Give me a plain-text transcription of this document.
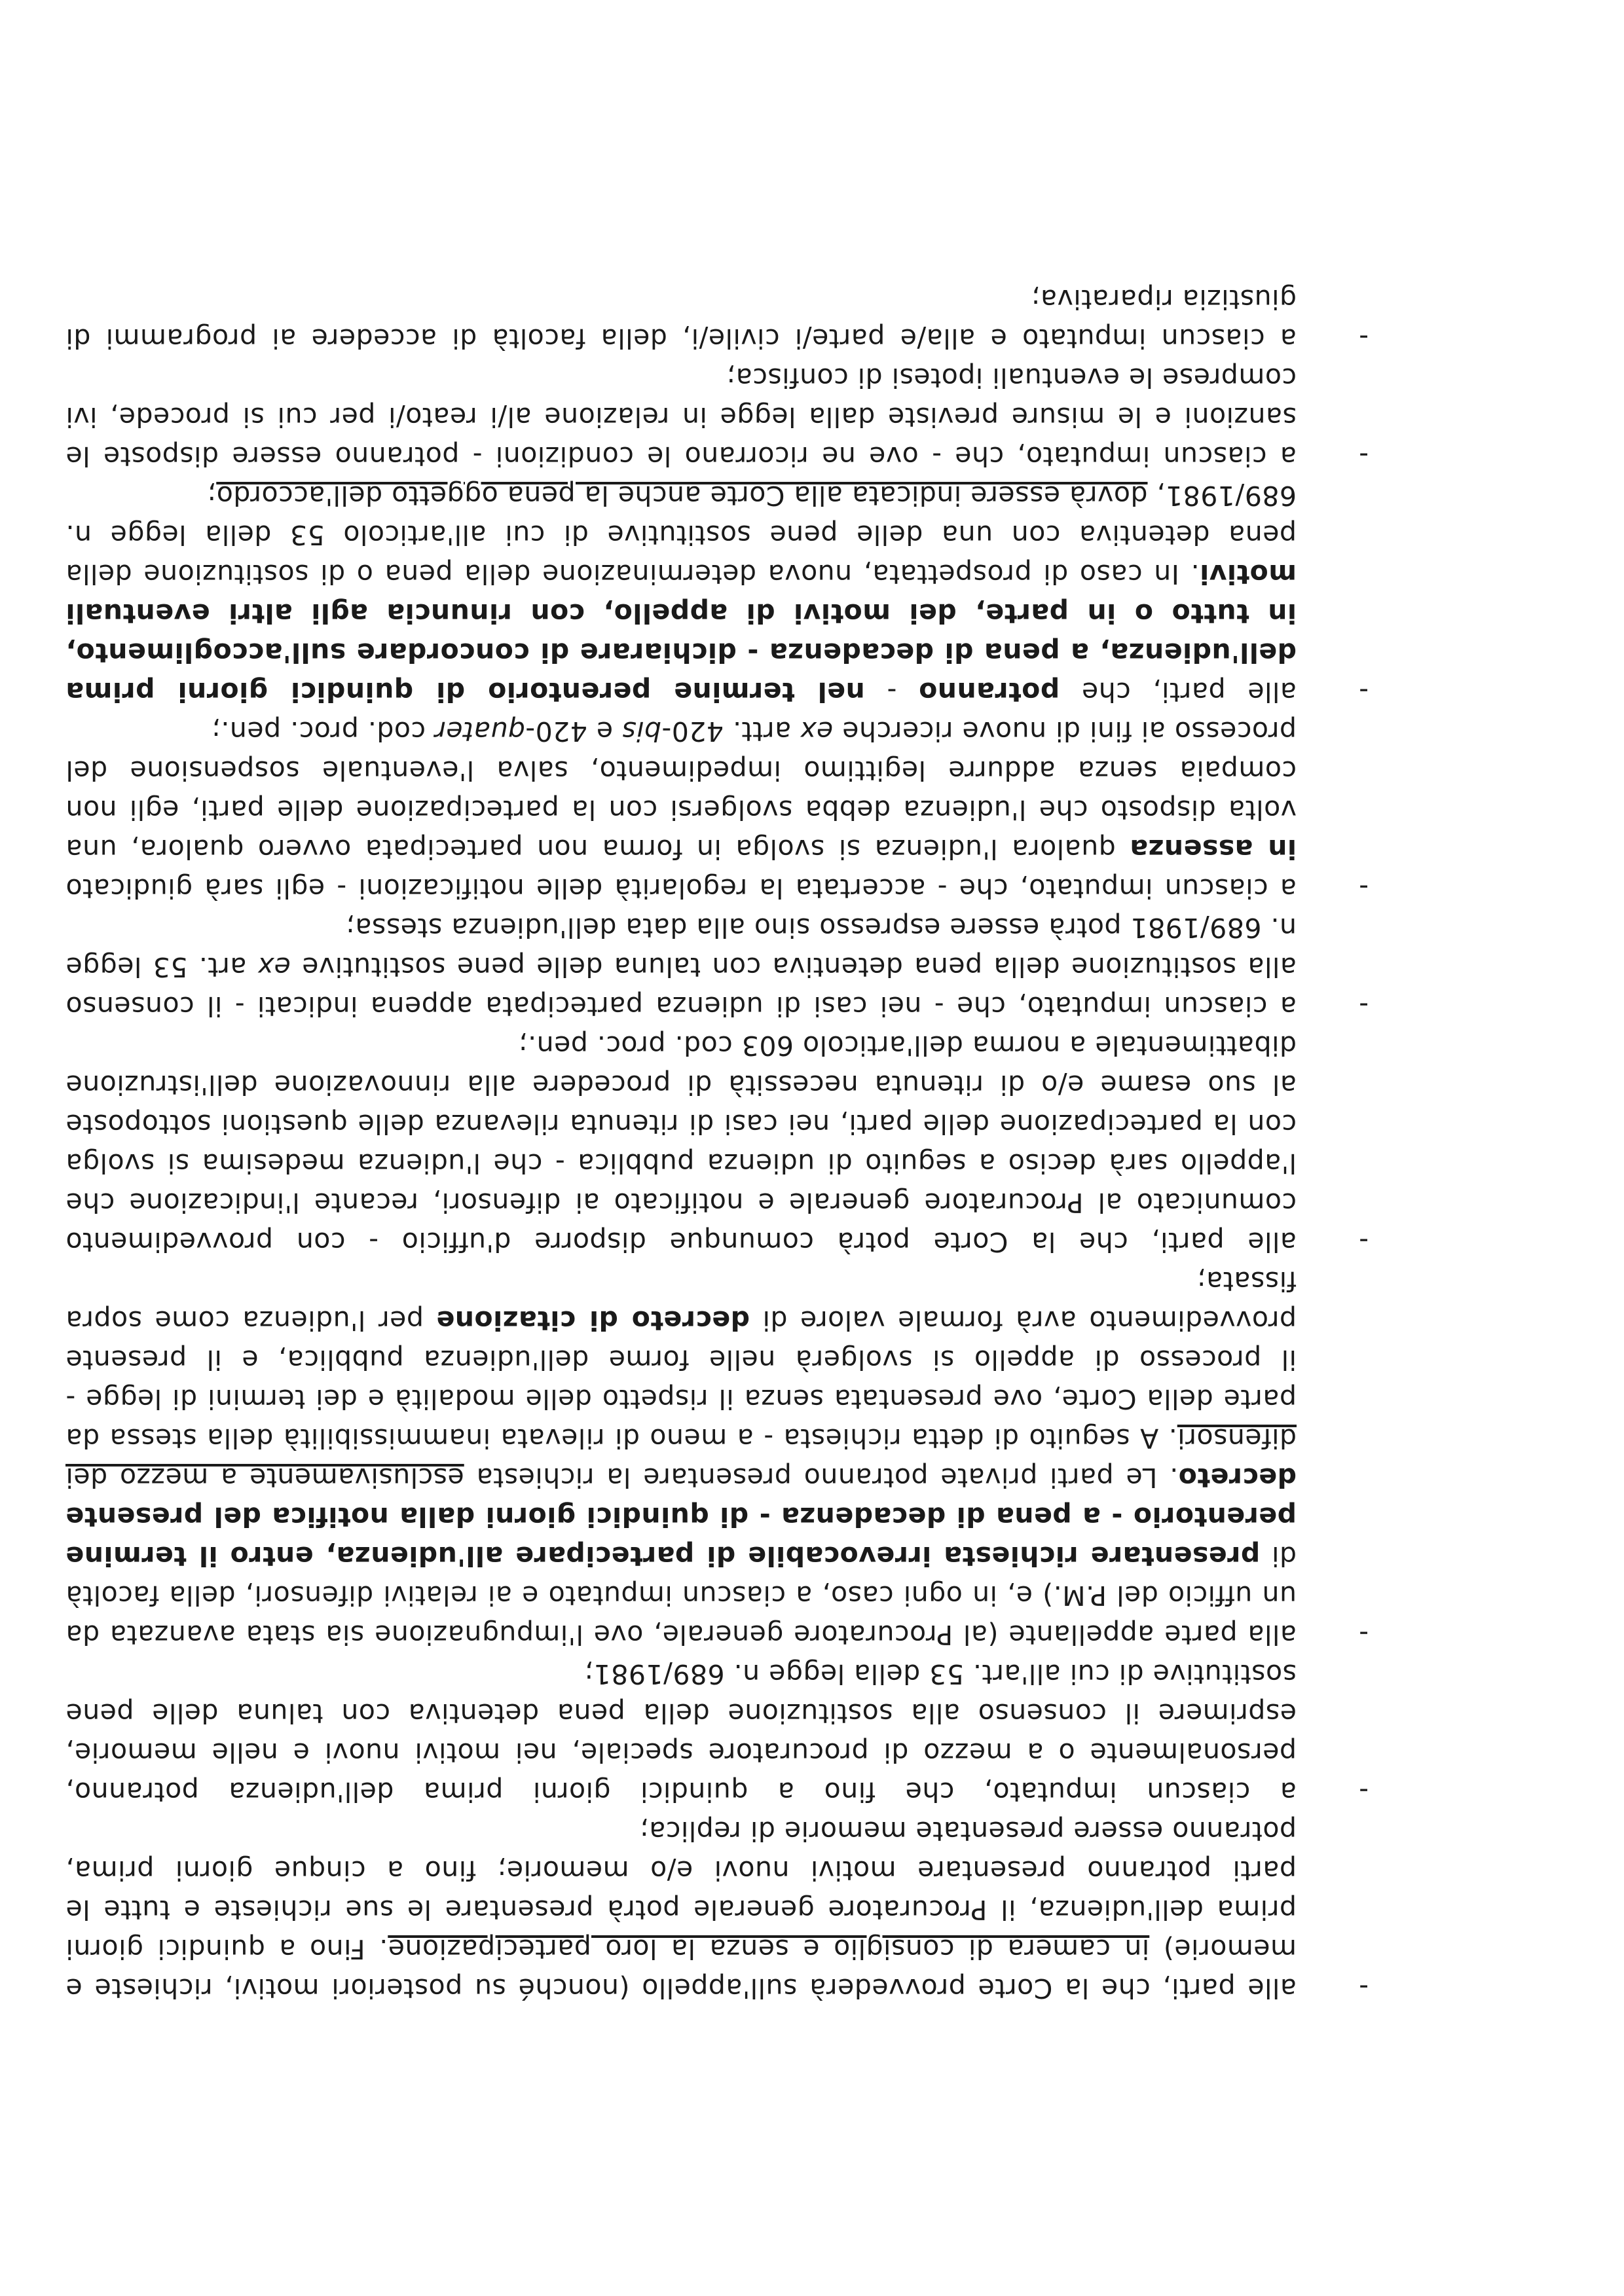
-
alle parti, che la Corte provvederà sull'appello (nonché su posteriori motivi, richieste e memorie) in camera di consiglio e senza la loro partecipazione. Fino a quindici giorni prima dell'udienza, il Procuratore generale potrà presentare le sue richieste e tutte le parti potranno presentare motivi nuovi e/o memorie; fino a cinque giorni prima, potranno essere presentate memorie di replica;
-
a ciascun imputato, che fino a quindici giorni prima dell'udienza potranno, personalmente o a mezzo di procuratore speciale, nei motivi nuovi e nelle memorie, esprimere il consenso alla sostituzione della pena detentiva con taluna delle pene sostitutive di cui all'art. 53 della legge n. 689/1981;
-
alla parte appellante (al Procuratore generale, ove l'impugnazione sia stata avanzata da un ufficio del P.M.) e, in ogni caso, a ciascun imputato e ai relativi difensori, della facoltà di presentare richiesta irrevocabile di partecipare all'udienza, entro il termine perentorio - a pena di decadenza - di quindici giorni dalla notifica del presente decreto. Le parti private potranno presentare la richiesta esclusivamente a mezzo dei difensori. A seguito di detta richiesta - a meno di rilevata inammissibilità della stessa da parte della Corte, ove presentata senza il rispetto delle modalità e dei termini di legge - il processo di appello si svolgerà nelle forme dell'udienza pubblica, e il presente provvedimento avrà formale valore di decreto di citazione per l'udienza come sopra fissata;
-
alle parti, che la Corte potrà comunque disporre d'ufficio - con provvedimento comunicato al Procuratore generale e notificato ai difensori, recante l'indicazione che l'appello sarà deciso a seguito di udienza pubblica - che l'udienza medesima si svolga con la partecipazione delle parti, nei casi di ritenuta rilevanza delle questioni sottoposte al suo esame e/o di ritenuta necessità di procedere alla rinnovazione dell'istruzione dibattimentale a norma dell'articolo 603 cod. proc. pen.;
-
a ciascun imputato, che - nei casi di udienza partecipata appena indicati - il consenso alla sostituzione della pena detentiva con taluna delle pene sostitutive ex art. 53 legge n. 689/1981 potrà essere espresso sino alla data dell'udienza stessa;
-
a ciascun imputato, che - accertata la regolarità delle notificazioni - egli sarà giudicato in assenza qualora l'udienza si svolga in forma non partecipata ovvero qualora, una volta disposto che l'udienza debba svolgersi con la partecipazione delle parti, egli non compaia senza addurre legittimo impedimento, salva l'eventuale sospensione del processo ai fini di nuove ricerche ex artt. 420-bis e 420-quater cod. proc. pen.;
-
alle parti, che potranno - nel termine perentorio di quindici giorni prima dell'udienza, a pena di decadenza - dichiarare di concordare sull'accoglimento, in tutto o in parte, dei motivi di appello, con rinuncia agli altri eventuali motivi. In caso di prospettata, nuova determinazione della pena o di sostituzione della pena detentiva con una delle pene sostitutive di cui all'articolo 53 della legge n. 689/1981, dovrà essere indicata alla Corte anche la pena oggetto dell'accordo;
-
a ciascun imputato, che - ove ne ricorrano le condizioni - potranno essere disposte le sanzioni e le misure previste dalla legge in relazione al/i reato/i per cui si procede, ivi comprese le eventuali ipotesi di confisca;
-
a ciascun imputato e alla/e parte/i civile/i, della facoltà di accedere ai programmi di giustizia riparativa;
